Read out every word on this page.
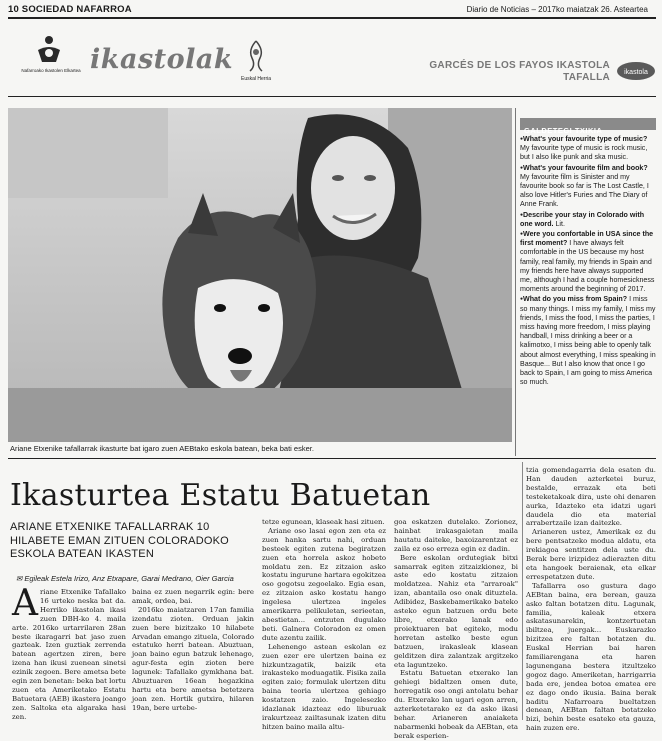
10 SOCIEDAD NAFARROA	Diario de Noticias – 2017ko maiatzak 26. Asteartea
Nafarroako Ikastolen Elkartea ikastolak
Euskal Herria
GARCÉS DE LOS FAYOS IKASTOLA TAFALLA ikastola
Ariane Etxenike tafallarrak ikasturte bat igaro zuen AEBtako eskola batean, beka bati esker.
GALDETEGI TXIKIA

● What's your favourite type of music? My favourite type of music is rock music, but I also like punk and ska music.

● What's your favourite film and book? My favourite film is Sinister and my favourite book so far is The Lost Castle, I also love Hitler's Furies and The Diary of Anne Frank.

● Describe your stay in Colorado with one word. Lit.

● Were you confortable in USA since the first moment? I have always felt comfortable in the US because my host family, real family, my friends in Spain and my friends here have always supported me, although I had a couple homesickness moments around the beginning of 2017.

● What do you miss from Spain? I miss so many things. I miss my family, I miss my friends, I miss the food, I miss the parties, I miss having more freedom, I miss playing handball, I miss drinking a beer or a kalimotxo, I miss being able to openly talk about almost everything, I miss speaking in Basque... But I also know that once I go back to Spain, I am going to miss America so much.

Ikasturtea Estatu Batuetan
ARIANE ETXENIKE TAFALLARRAK 10 HILABETE EMAN ZITUEN COLORADOKO ESKOLA BATEAN IKASTEN
✉ Egileak Estela Irizo, Anz Etxapare, Garai Medrano, Oier Garcia
Ariane Etxenike Tafallako 16 urteko neska bat da. Herriko ikastolan ikasi zuen DBH-ko 4. maila arte. 2016ko urtarrilaren 28an beste ikaragarri bat jaso zuen gazteak. Izen guztiak zerrenda batean agertzen ziren, bere izena han ikusi zuenean sinetsi ezinik zegoen. Bere ametsa bete egin zen benetan: beka bat lortu zuen eta Ameriketako Estatu Batuetara (AEB) ikastera joango zen. Saltoka eta algaraka hasi zen.

baina ez zuen negarrik egin: bere amak, ordea, bai.

2016ko maiatzaren 17an familia izendatu zioten. Orduan jakin zuen bere bizitzako 10 hilabete Arvadan emango zituela, Colorado estatuko herri batean. Abuztuan, joan baino egun batzuk lehenago, agur-festa egin zioten bere lagunek: Tafallako gymkhana bat. Abuztuaren 16ean hegazkina hartu eta bere ametsa betetzera joan zen. Hortik gutxira, hilaren 19an, bere urtebe-

tetze egunean, klaseak hasi zituen.

Ariane oso lasai egon zen eta ez zuen hanka sartu nahi, orduan besteek egiten zutena begiratzen zuen eta horrela askoz hobeto moldatu zen. Ez zitzaion asko kostatu ingurune hartara egokitzea oso gogotsu zegoelako. Egia esan, ez zitzaion asko kostatu hango ingelesa ulertzea ingeles amerikarra pelikuletan, serieetan, abestietan... entzuten dugulako beti. Galnera Coloradon ez omen dute azentu zailik.

Lehenengo astean eskolan ez zuen ezer ere ulertzen baina ez hizkuntzagatik, baizik eta irakasteko moduagatik. Fisika zaila egiten zaio; formulak ulertzen ditu baina teoria ulertzea gehiago kostatzen zaio. Ingelesezko idazlanak idazteaz edo liburuak irakurtzeaz zailtasunak izaten ditu hitzen baino maila altu-

goa eskatzen dutelako. Zorionez, hainbat irakasgaietan maila hautatu daiteke, baxoizarentzat ez zaila ez oso erreza egin ez dadin.

Bere eskolan ordutegiak bitxi samarrak egiten zitzaizkionez, bi aste edo kostatu zitzaion moldatzea. Nahiz eta "arraroak" izan, abantaila oso onak dituztela. Adibidez, Baskebamerikako bateko asteko egun batzuen ordu bete libre, etxerako lanak edo proiektuaren bat egiteko, modu horretan astelko beste egun batzuen, irakasleak klasean gelditzen dira zalantzak argitzeko eta laguntzeko.

Estatu Batuetan etxerako lan gehiegi bidaltzen omen dute, horregatik oso ongi antolatu behar du. Etxerako lan ugari egon arren, azterketetarako ez da asko ikasi behar. Arianeren anaiaketa nabarmenki hobeak da AEBtan, eta berak esperien-

tzia gomendagarria dela esaten du. Han dauden azterketei buruz, bestalde, errazak eta beti testeketakoak dira, uste ohi denaren aurka, Idazteko eta idatzi ugari daudela dio eta material arrabertzaile izan daitezke.

Arianeren ustez, Amerikak ez du bere pentsatzeko modua aldatu, eta irekiagoa sentitzen dela uste du. Berak bere irizpidez adierazten ditu eta hangoek beraienak, eta elkar errespetatzen dute.

Tafallarra oso gustura dago AEBtan baina, era berean, gauza asko faltan botatzen ditu. Lagunak, familia, kaleak etxera askatasunarekin, kontzertuetan ibiltzea, juergak... Euskarazko bizitzea ere faltan botatzen du. Euskal Herrian bai haren familiarengana eta haren lagunengana bestera itzultzeko gogoz dago. Ameriketan, harrigarria bada ere, jendea botoa ematea ere ez dago ondo ikusia. Baina berak baditu Nafarroara bueltatzen denean, AEBtan faltan botatzeko bizi, behin beste esateko eta gauza, hain zuzen ere.
